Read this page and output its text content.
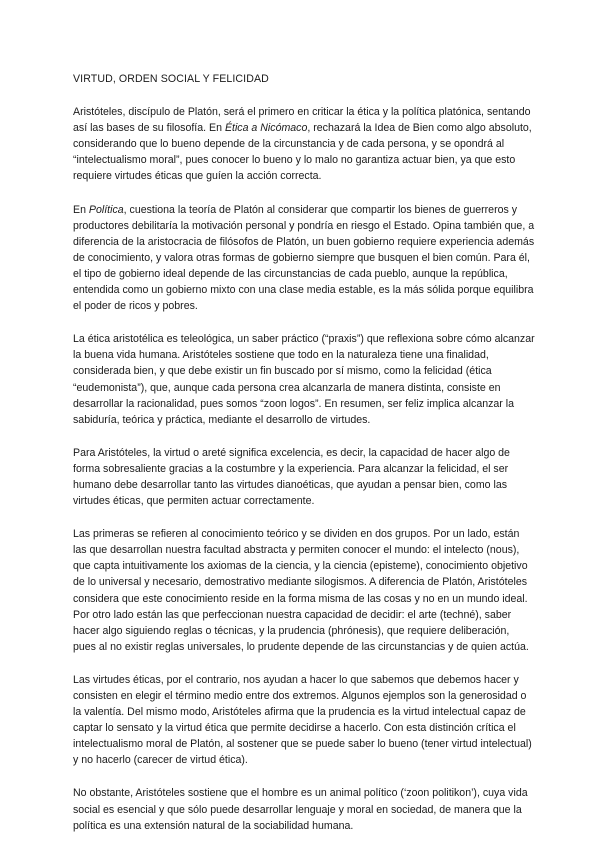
VIRTUD, ORDEN SOCIAL Y FELICIDAD

Aristóteles, discípulo de Platón, será el primero en criticar la ética y la política platónica, sentando así las bases de su filosofía. En Ética a Nicómaco, rechazará la Idea de Bien como algo absoluto, considerando que lo bueno depende de la circunstancia y de cada persona, y se opondrá al “intelectualismo moral”, pues conocer lo bueno y lo malo no garantiza actuar bien, ya que esto requiere virtudes éticas que guíen la acción correcta.

En Política, cuestiona la teoría de Platón al considerar que compartir los bienes de guerreros y productores debilitaría la motivación personal y pondría en riesgo el Estado. Opina también que, a diferencia de la aristocracia de filósofos de Platón, un buen gobierno requiere experiencia además de conocimiento, y valora otras formas de gobierno siempre que busquen el bien común. Para él, el tipo de gobierno ideal depende de las circunstancias de cada pueblo, aunque la república, entendida como un gobierno mixto con una clase media estable, es la más sólida porque equilibra el poder de ricos y pobres.

La ética aristotélica es teleológica, un saber práctico (“praxis”) que reflexiona sobre cómo alcanzar la buena vida humana. Aristóteles sostiene que todo en la naturaleza tiene una finalidad, considerada bien, y que debe existir un fin buscado por sí mismo, como la felicidad (ética “eudemonista”), que, aunque cada persona crea alcanzarla de manera distinta, consiste en desarrollar la racionalidad, pues somos “zoon logos”. En resumen, ser feliz implica alcanzar la sabiduría, teórica y práctica, mediante el desarrollo de virtudes.

Para Aristóteles, la virtud o areté significa excelencia, es decir, la capacidad de hacer algo de forma sobresaliente gracias a la costumbre y la experiencia. Para alcanzar la felicidad, el ser humano debe desarrollar tanto las virtudes dianoéticas, que ayudan a pensar bien, como las virtudes éticas, que permiten actuar correctamente.

Las primeras se refieren al conocimiento teórico y se dividen en dos grupos. Por un lado, están las que desarrollan nuestra facultad abstracta y permiten conocer el mundo: el intelecto (nous), que capta intuitivamente los axiomas de la ciencia, y la ciencia (episteme), conocimiento objetivo de lo universal y necesario, demostrativo mediante silogismos. A diferencia de Platón, Aristóteles considera que este conocimiento reside en la forma misma de las cosas y no en un mundo ideal. Por otro lado están las que perfeccionan nuestra capacidad de decidir: el arte (techné), saber hacer algo siguiendo reglas o técnicas, y la prudencia (phrónesis), que requiere deliberación, pues al no existir reglas universales, lo prudente depende de las circunstancias y de quien actúa.

Las virtudes éticas, por el contrario, nos ayudan a hacer lo que sabemos que debemos hacer y consisten en elegir el término medio entre dos extremos. Algunos ejemplos son la generosidad o la valentía. Del mismo modo, Aristóteles afirma que la prudencia es la virtud intelectual capaz de captar lo sensato y la virtud ética que permite decidirse a hacerlo. Con esta distinción crítica el intelectualismo moral de Platón, al sostener que se puede saber lo bueno (tener virtud intelectual) y no hacerlo (carecer de virtud ética).

No obstante, Aristóteles sostiene que el hombre es un animal político (‘zoon politikon’), cuya vida social es esencial y que sólo puede desarrollar lenguaje y moral en sociedad, de manera que la política es una extensión natural de la sociabilidad humana.
